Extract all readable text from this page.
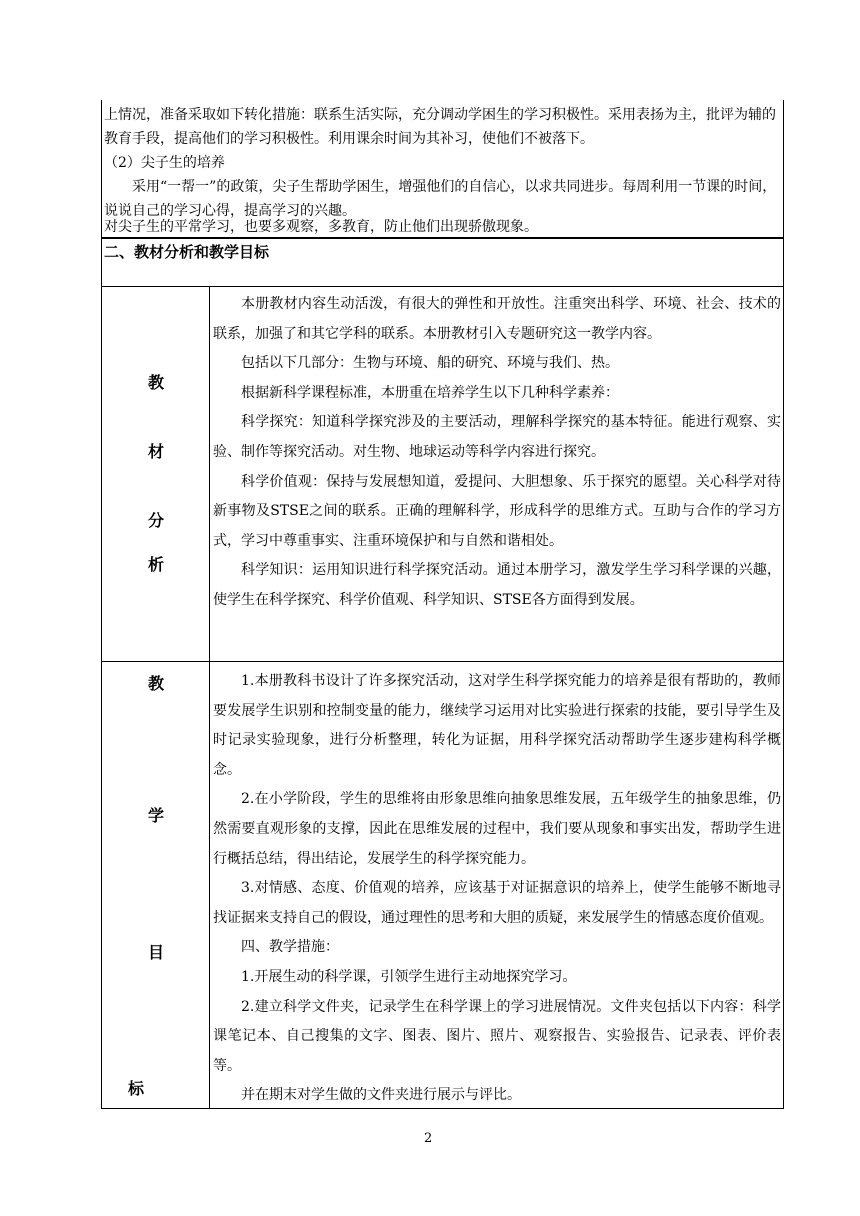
上情况，准备采取如下转化措施：联系生活实际，充分调动学困生的学习积极性。采用表扬为主，批评为辅的教育手段，提高他们的学习积极性。利用课余时间为其补习，使他们不被落下。
（2）尖子生的培养
采用“一帮一”的政策，尖子生帮助学困生，增强他们的自信心，以求共同进步。每周利用一节课的时间，说说自己的学习心得，提高学习的兴趣。
对尖子生的平常学习，也要多观察，多教育，防止他们出现骄傲现象。
二、教材分析和教学目标
教
材
分
析

本册教材内容生动活泼，有很大的弹性和开放性。注重突出科学、环境、社会、技术的联系，加强了和其它学科的联系。本册教材引入专题研究这一教学内容。

包括以下几部分：生物与环境、船的研究、环境与我们、热。

根据新科学课程标准，本册重在培养学生以下几种科学素养：

科学探究：知道科学探究涉及的主要活动，理解科学探究的基本特征。能进行观察、实验、制作等探究活动。对生物、地球运动等科学内容进行探究。

科学价值观：保持与发展想知道，爱提问、大胆想象、乐于探究的愿望。关心科学对待新事物及STSE之间的联系。正确的理解科学，形成科学的思维方式。互助与合作的学习方式，学习中尊重事实、注重环境保护和与自然和谐相处。

科学知识：运用知识进行科学探究活动。通过本册学习，激发学生学习科学课的兴趣，使学生在科学探究、科学价值观、科学知识、STSE各方面得到发展。

教
学
目
标

1.本册教科书设计了许多探究活动，这对学生科学探究能力的培养是很有帮助的，教师要发展学生识别和控制变量的能力，继续学习运用对比实验进行探索的技能，要引导学生及时记录实验现象，进行分析整理，转化为证据，用科学探究活动帮助学生逐步建构科学概念。

2.在小学阶段，学生的思维将由形象思维向抽象思维发展，五年级学生的抽象思维，仍然需要直观形象的支撑，因此在思维发展的过程中，我们要从现象和事实出发，帮助学生进行概括总结，得出结论，发展学生的科学探究能力。

3.对情感、态度、价值观的培养，应该基于对证据意识的培养上，使学生能够不断地寻找证据来支持自己的假设，通过理性的思考和大胆的质疑，来发展学生的情感态度价值观。

四、教学措施：

1.开展生动的科学课，引领学生进行主动地探究学习。

2.建立科学文件夹，记录学生在科学课上的学习进展情况。文件夹包括以下内容：科学课笔记本、自己搜集的文字、图表、图片、照片、观察报告、实验报告、记录表、评价表等。

并在期末对学生做的文件夹进行展示与评比。

2
